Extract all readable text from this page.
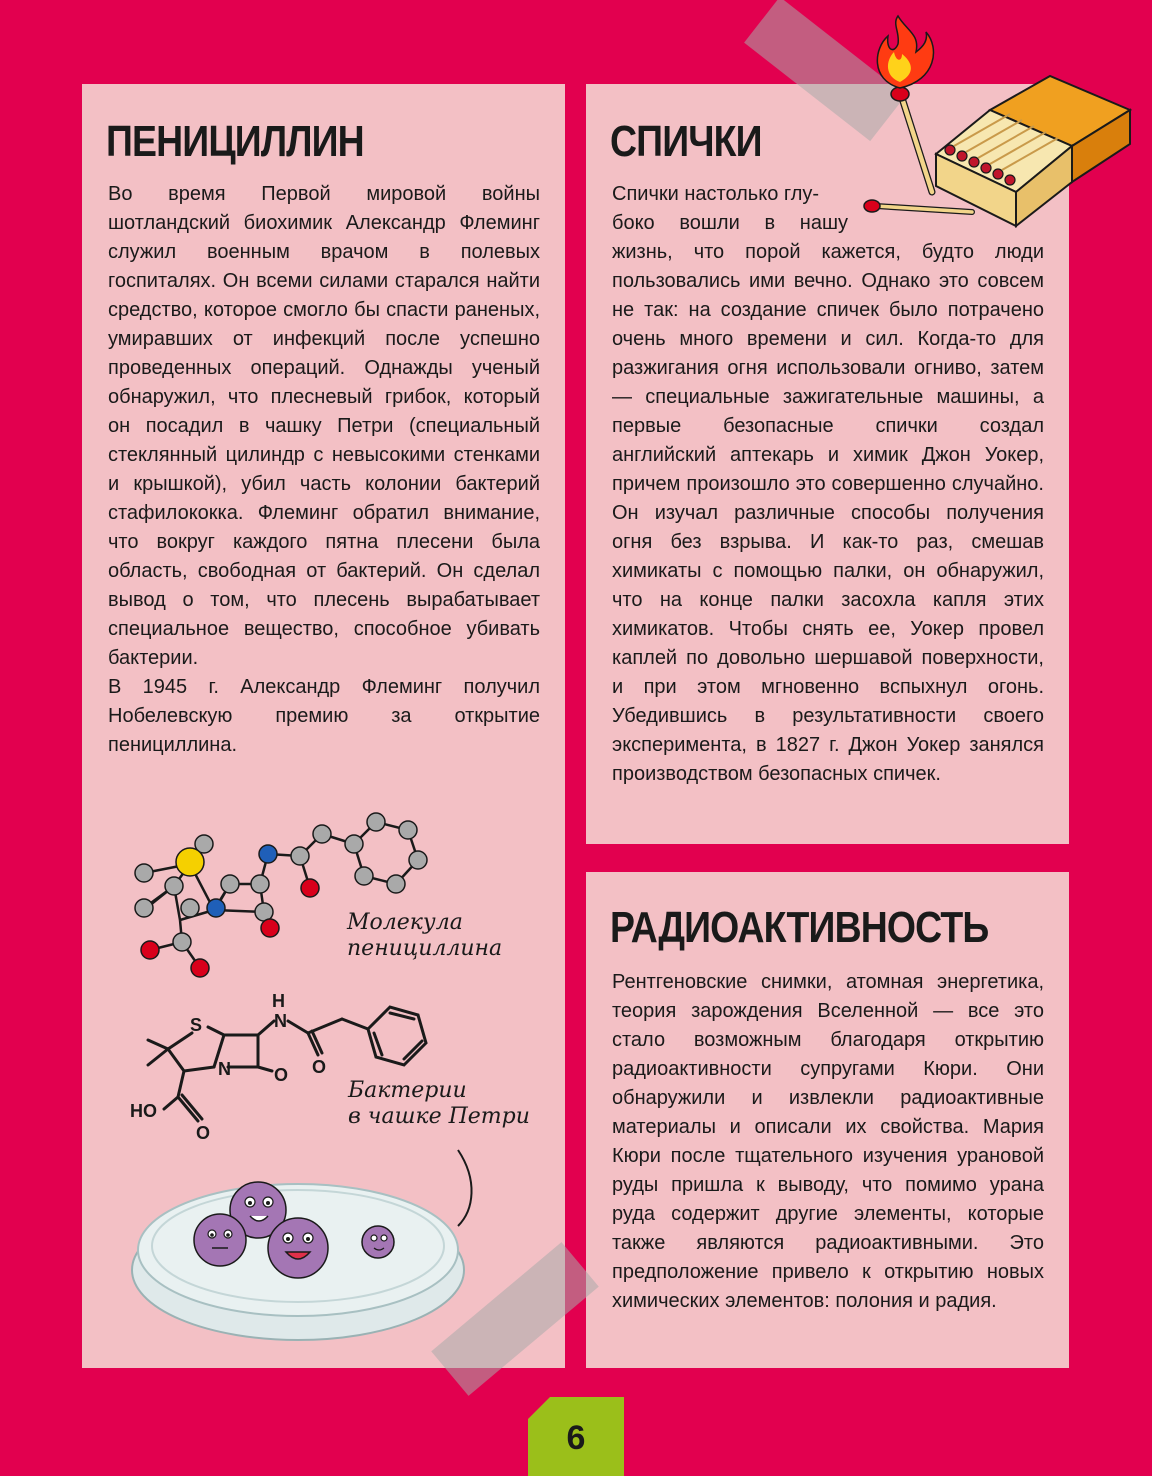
ПЕНИЦИЛЛИН

Во время Первой мировой войны шотландский биохимик Александр Флеминг служил военным врачом в полевых госпиталях. Он всеми силами старался найти средство, которое смогло бы спасти раненых, умиравших от инфекций после успешно проведенных операций. Однажды ученый обнаружил, что плесневый грибок, который он посадил в чашку Петри (специальный стеклянный цилиндр с невысокими стенками и крышкой), убил часть колонии бактерий стафилококка. Флеминг обратил внимание, что вокруг каждого пятна плесени была область, свободная от бактерий. Он сделал вывод о том, что плесень вырабатывает специальное вещество, способное убивать бактерии.

В 1945 г. Александр Флеминг получил Нобелевскую премию за открытие пенициллина.

СПИЧКИ

Спички настолько глу-

боко вошли в нашу

жизнь, что порой кажется, будто люди пользовались ими вечно. Однако это совсем не так: на создание спичек было потрачено очень много времени и сил. Когда-то для разжигания огня использовали огниво, затем — специальные зажигательные машины, а первые безопасные спички создал английский аптекарь и химик Джон Уокер, причем произошло это совершенно случайно. Он изучал различные способы получения огня без взрыва. И как-то раз, смешав химикаты с помощью палки, он обнаружил, что на конце палки засохла капля этих химикатов. Чтобы снять ее, Уокер провел каплей по довольно шершавой поверхности, и при этом мгновенно вспыхнул огонь. Убедившись в результативности своего эксперимента, в 1827 г. Джон Уокер занялся производством безопасных спичек.

РАДИОАКТИВНОСТЬ

Рентгеновские снимки, атомная энергетика, теория зарождения Вселенной — все это стало возможным благодаря открытию радиоактивности супругами Кюри. Они обнаружили и извлекли радиоактивные материалы и описали их свойства. Мария Кюри после тщательного изучения урановой руды пришла к выводу, что помимо урана руда содержит другие элементы, которые также являются радиоактивными. Это предположение привело к открытию новых химических элементов: полония и радия.

Молекула
пенициллина
S
N
H
N
O
O
O
HO
Бактерии
в чашке Петри
6
